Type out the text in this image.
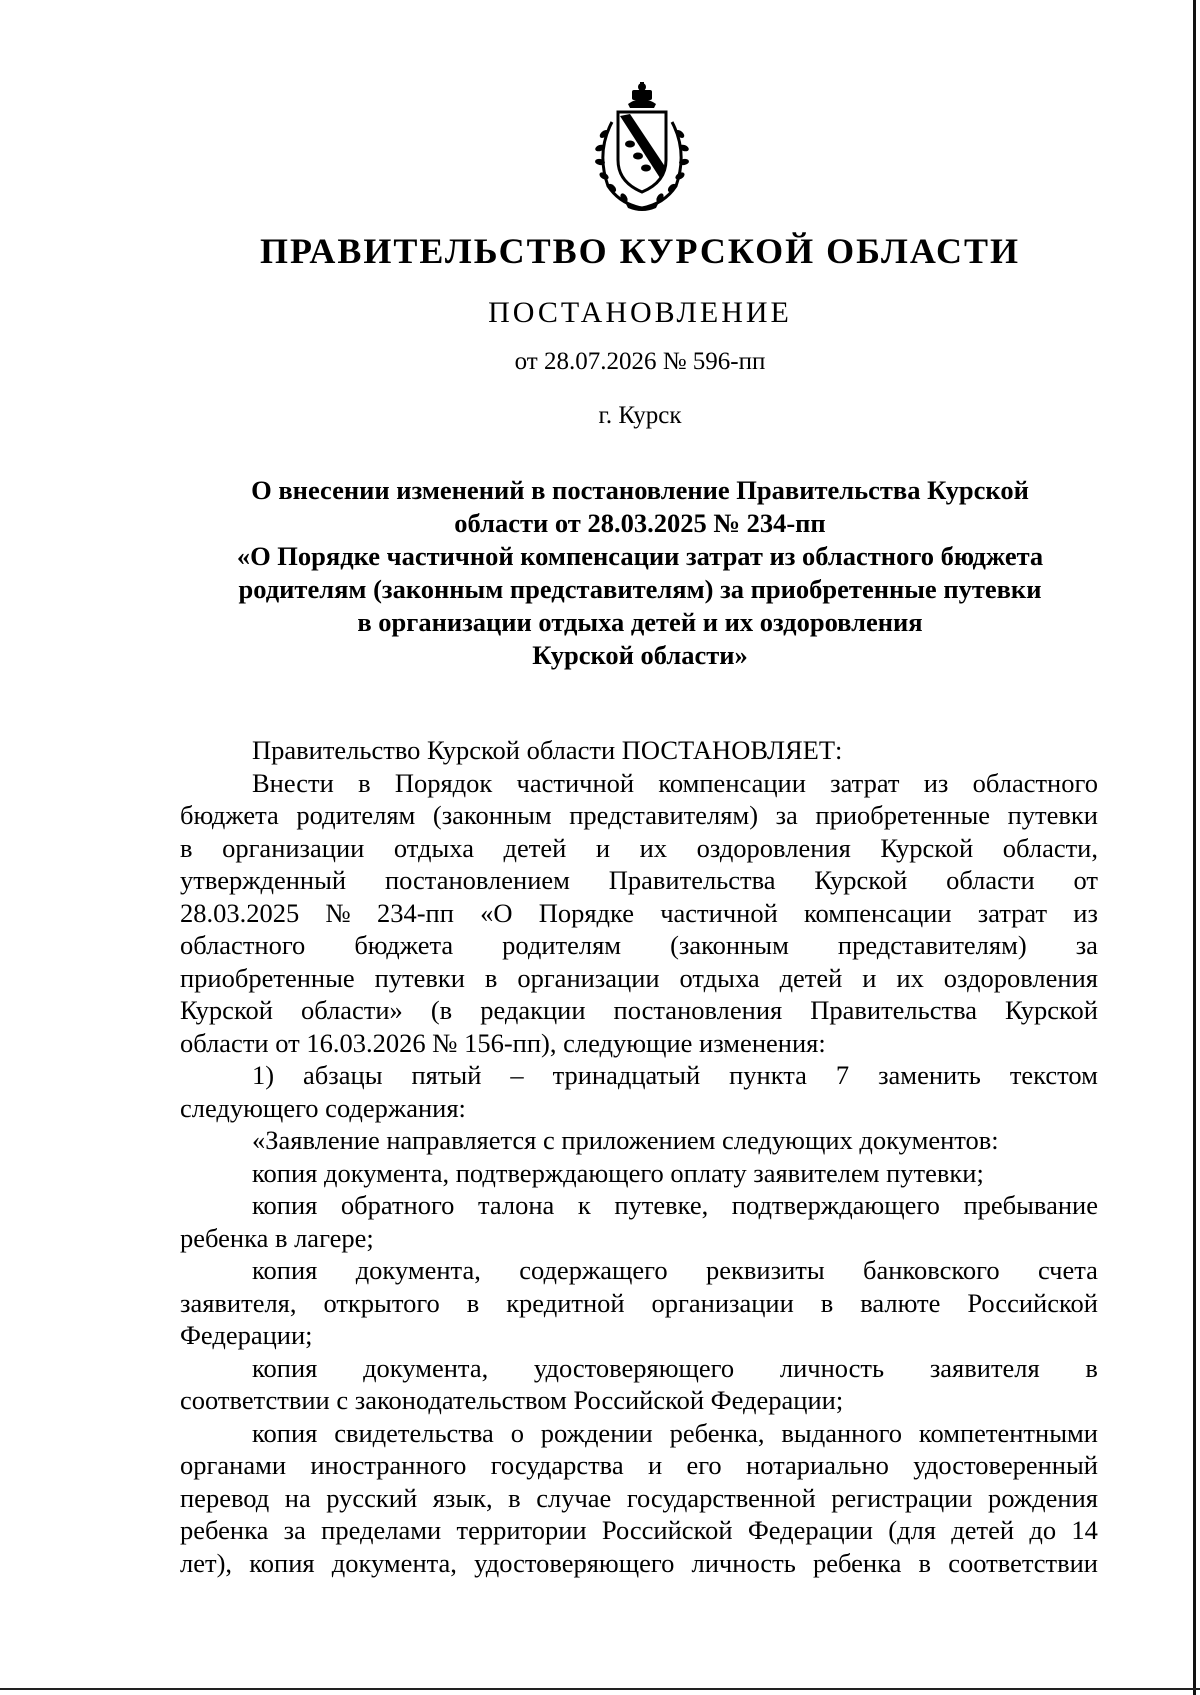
ПРАВИТЕЛЬСТВО КУРСКОЙ ОБЛАСТИ
ПОСТАНОВЛЕНИЕ
от 28.07.2026 № 596-пп
г. Курск
О внесении изменений в постановление Правительства Курской
области от 28.03.2025 № 234-пп
«О Порядке частичной компенсации затрат из областного бюджета
родителям (законным представителям) за приобретенные путевки
в организации отдыха детей и их оздоровления
Курской области»
Правительство Курской области ПОСТАНОВЛЯЕТ:
Внести в Порядок частичной компенсации затрат из областного
бюджета родителям (законным представителям) за приобретенные путевки
в организации отдыха детей и их оздоровления Курской области,
утвержденный постановлением Правительства Курской области от
28.03.2025 № 234-пп «О Порядке частичной компенсации затрат из
областного бюджета родителям (законным представителям) за
приобретенные путевки в организации отдыха детей и их оздоровления
Курской области» (в редакции постановления Правительства Курской
области от 16.03.2026 № 156-пп), следующие изменения:
1) абзацы пятый – тринадцатый пункта 7 заменить текстом
следующего содержания:
«Заявление направляется с приложением следующих документов:
копия документа, подтверждающего оплату заявителем путевки;
копия обратного талона к путевке, подтверждающего пребывание
ребенка в лагере;
копия документа, содержащего реквизиты банковского счета
заявителя, открытого в кредитной организации в валюте Российской
Федерации;
копия документа, удостоверяющего личность заявителя в
соответствии с законодательством Российской Федерации;
копия свидетельства о рождении ребенка, выданного компетентными
органами иностранного государства и его нотариально удостоверенный
перевод на русский язык, в случае государственной регистрации рождения
ребенка за пределами территории Российской Федерации (для детей до 14
лет), копия документа, удостоверяющего личность ребенка в соответствии
